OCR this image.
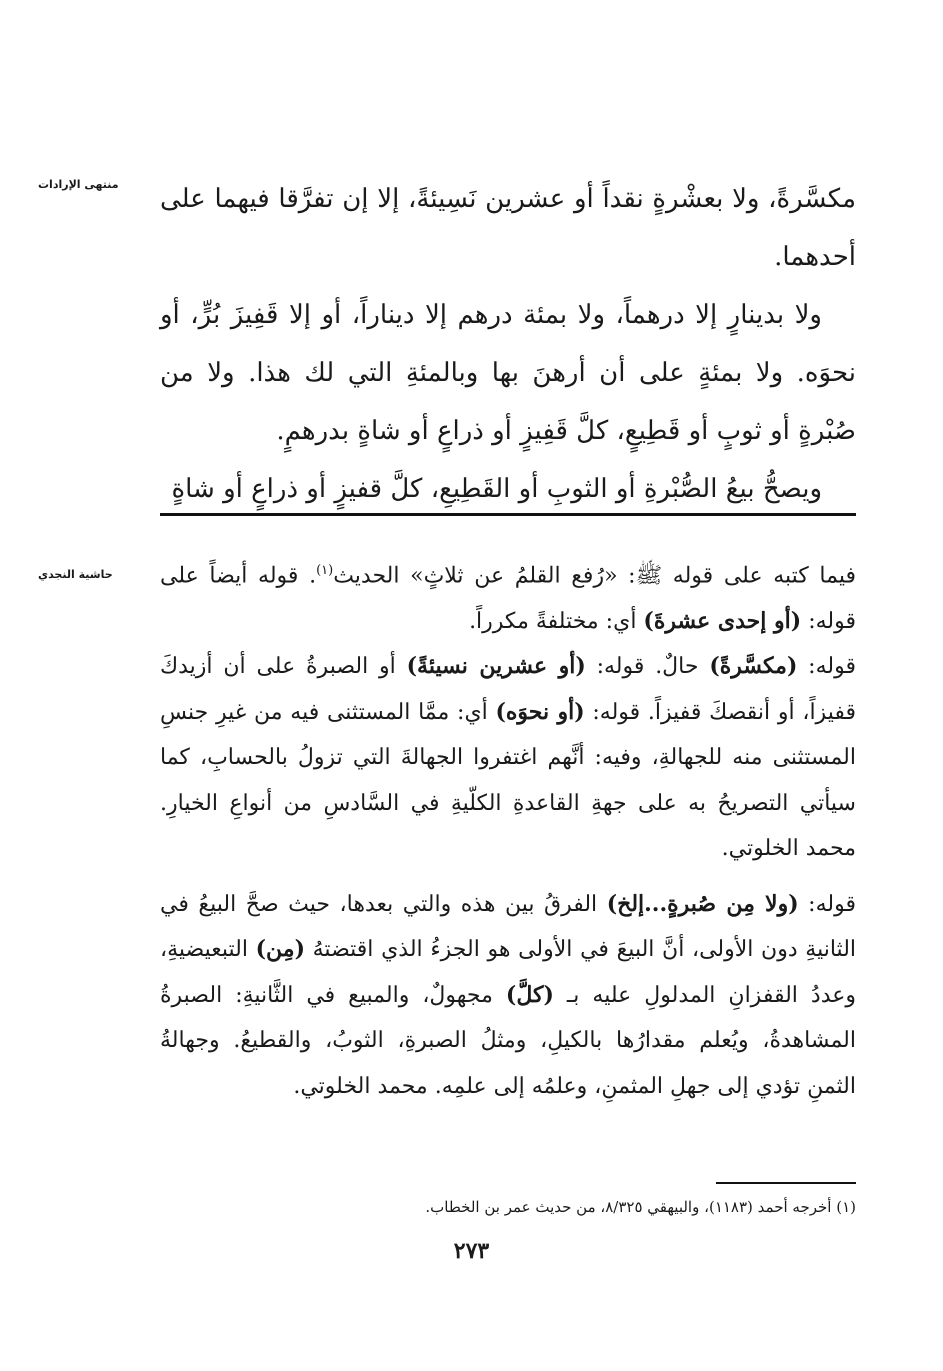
منتهى الإرادات مكسَّرةً، ولا بعشْرةٍ نقداً أو عشرين نَسِيئةً، إلا إن تفرَّقا فيهما على أحدهما.

ولا بدينارٍ إلا درهماً، ولا بمئة درهم إلا ديناراً، أو إلا قَفِيزَ بُرٍّ، أو نحوَه. ولا بمئةٍ على أن أرهنَ بها وبالمئةِ التي لك هذا. ولا من صُبْرةٍ أو ثوبٍ أو قَطِيعٍ، كلَّ قَفِيزٍ أو ذراعٍ أو شاةٍ بدرهمٍ.

ويصحُّ بيعُ الصُّبْرةِ أو الثوبِ أو القَطِيعِ، كلَّ قفيزٍ أو ذراعٍ أو شاةٍ

حاشية النجدي	فيما كتبه على قوله ﷺ: «رُفع القلمُ عن ثلاثٍ» الحديث$^{(١)}$. قوله أيضاً على قوله: (أو إحدى عشرةَ) أي: مختلفةً مكرراً.

قوله: (مكسَّرةً) حالٌ. قوله: (أو عشرين نسيئةً) أو الصبرةُ على أن أزيدكَ قفيزاً، أو أنقصكَ قفيزاً. قوله: (أو نحوَه) أي: ممَّا المستثنى فيه من غيرِ جنسِ المستثنى منه للجهالةِ، وفيه: أنَّهم اغتفروا الجهالةَ التي تزولُ بالحسابِ، كما سيأتي التصريحُ به على جهةِ القاعدةِ الكلّيةِ في السَّادسِ من أنواعِ الخيارِ. محمد الخلوتي.

قوله: (ولا مِن صُبرةٍ...إلخ) الفرقُ بين هذه والتي بعدها، حيث صحَّ البيعُ في الثانيةِ دون الأولى، أنَّ البيعَ في الأولى هو الجزءُ الذي اقتضتهُ (مِن) التبعيضيةِ، وعددُ القفزانِ المدلولِ عليه بـ (كلَّ) مجهولٌ، والمبيع في الثَّانيةِ: الصبرةُ المشاهدةُ، ويُعلم مقدارُها بالكيلِ، ومثلُ الصبرةِ، الثوبُ، والقطيعُ. وجهالةُ الثمنِ تؤدي إلى جهلِ المثمنِ، وعلمُه إلى علمِه. محمد الخلوتي.

(١) أخرجه أحمد (١١٨٣)، والبيهقي ٨/٣٢٥، من حديث عمر بن الخطاب.
٢٧٣
